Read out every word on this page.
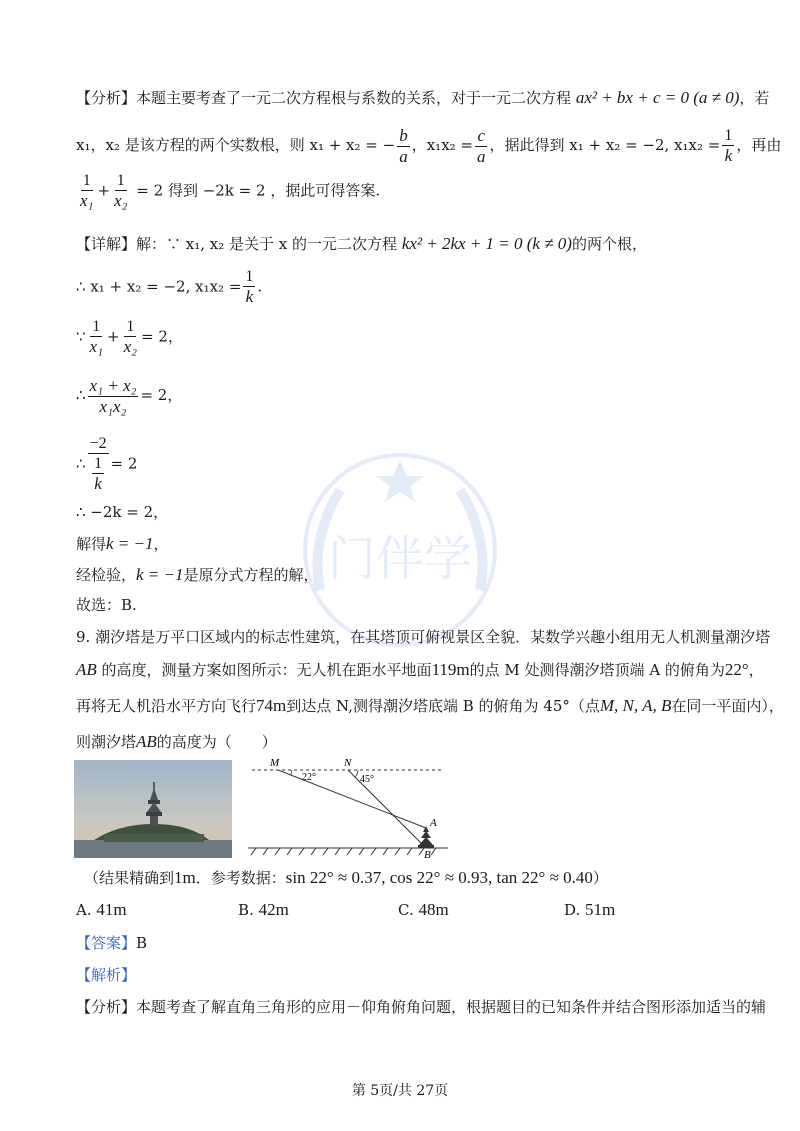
门伴学
【分析】本题主要考查了一元二次方程根与系数的关系，对于一元二次方程 ax² + bx + c = 0 (a ≠ 0)，若
x₁，x₂ 是该方程的两个实数根，则 x₁ + x₂ = − $\frac{b}{a}$ ，$x_1x_2 = \frac{c}{a}$ ，据此得到 x₁ + x₂ = −2, $x_1x_2 = \frac{1}{k}$ ，再由
$\frac{1}{\text{x₁}} + \frac{1}{\text{x₂}} = 2$ 得到 −2k = 2 ，据此可得答案.
【详解】解：∵ x₁, x₂ 是关于 x 的一元二次方程 kx² + 2kx + 1 = 0 (k ≠ 0)的两个根，
∴ x₁ + x₂ = −2, $x_1x_2 = \frac{1}{k}$ .
∵ $\frac{1}{\text{x₁}} + \frac{1}{\text{x₂}} = 2$，
∴ $\frac{\text{x₁ + x₂}}{\text{x₁x₂}} = 2$，
∴ $\frac{-2}{\frac{1}{k}} = 2$
∴ −2k = 2，
解得k = −1，
经检验，k = −1是原分式方程的解，
故选：B.
9. 潮汐塔是万平口区域内的标志性建筑，在其塔顶可俯视景区全貌．某数学兴趣小组用无人机测量潮汐塔
AB 的高度，测量方案如图所示：无人机在距水平地面119m的点 M 处测得潮汐塔顶端 A 的俯角为22°，
再将无人机沿水平方向飞行74m到达点 N,测得潮汐塔底端 B 的俯角为 45°（点M, N, A, B在同一平面内），
则潮汐塔AB的高度为（　　）
M	N
A
B
22°	45°
（结果精确到1m．参考数据：sin 22° ≈ 0.37, cos 22° ≈ 0.93, tan 22° ≈ 0.40）
A. 41m	B. 42m	C. 48m	D. 51m
【答案】B
【解析】
【分析】本题考查了解直角三角形的应用－仰角俯角问题，根据题目的已知条件并结合图形添加适当的辅
第 5页/共 27页
